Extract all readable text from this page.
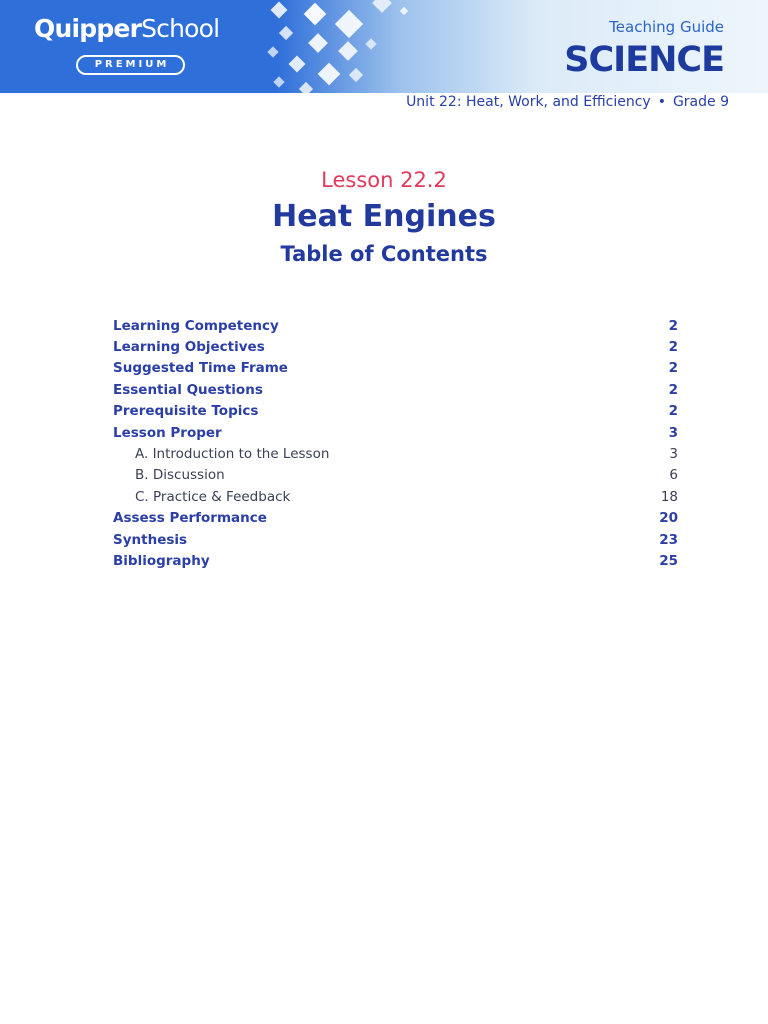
QuipperSchool
PREMIUM
Teaching Guide
SCIENCE
Unit 22: Heat, Work, and Efficiency • Grade 9
Lesson 22.2
Heat Engines
Table of Contents
Learning Competency	2
Learning Objectives	2
Suggested Time Frame	2
Essential Questions	2
Prerequisite Topics	2
Lesson Proper	3
A. Introduction to the Lesson	3
B. Discussion	6
C. Practice & Feedback	18
Assess Performance	20
Synthesis	23
Bibliography	25
